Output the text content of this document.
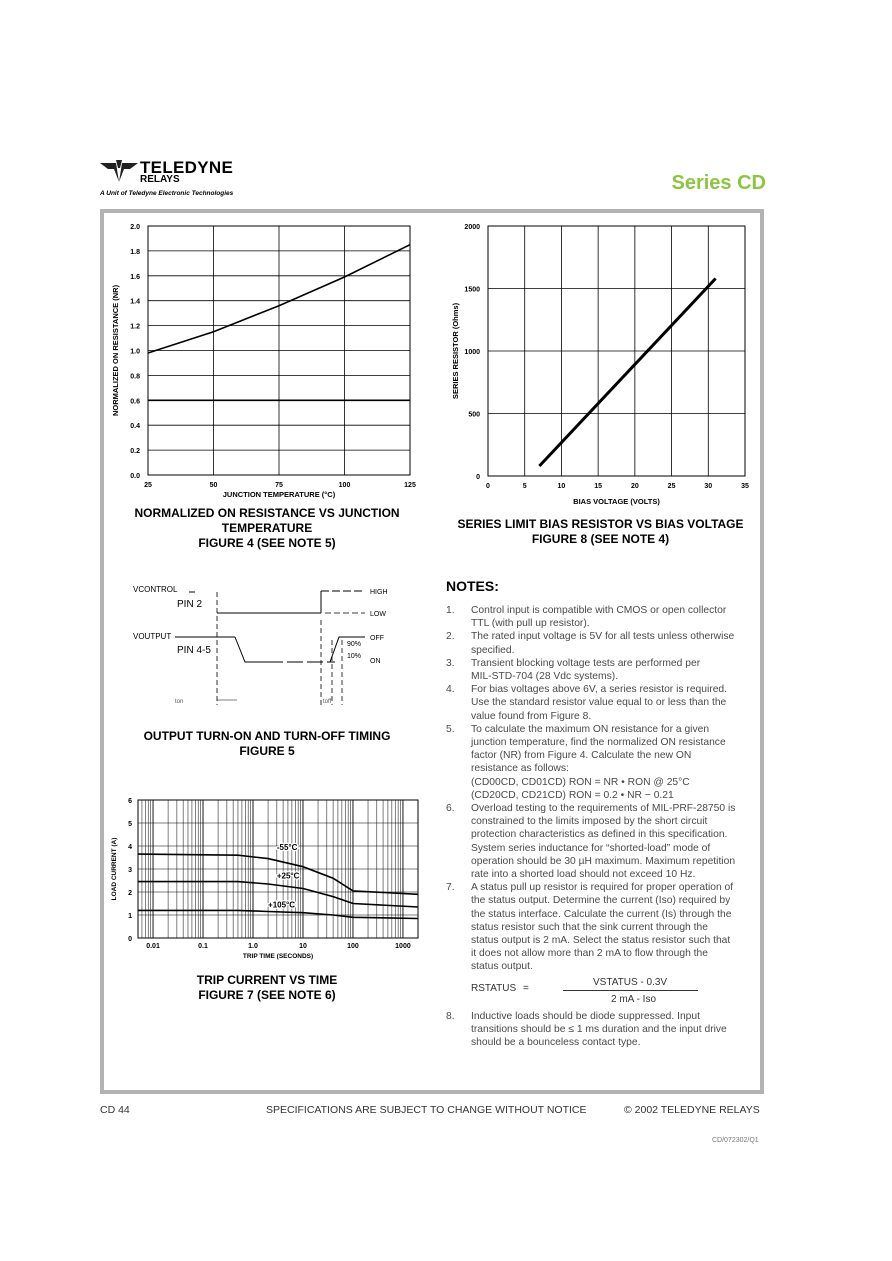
TELEDYNE
RELAYS
A Unit of Teledyne Electronic Technologies	Series CD
25	50	75	100	125
0.0
0.2
0.4
0.6
0.8
1.0
1.2
1.4
1.6
1.8
2.0
JUNCTION TEMPERATURE (°C)
NORMALIZED ON RESISTANCE (NR)
NORMALIZED ON RESISTANCE VS JUNCTION
TEMPERATURE
FIGURE 4 (SEE NOTE 5)
0	5	10	15	20	25	30	35
0
500
1000
1500
2000
BIAS VOLTAGE (VOLTS)
SERIES RESISTOR (Ohms)
SERIES LIMIT BIAS RESISTOR VS BIAS VOLTAGE
FIGURE 8 (SEE NOTE 4)
VCONTROL
PIN 2
VOUTPUT
PIN 4-5
HIGH
LOW
OFF
ON
90%
10%
ton	toff
OUTPUT TURN-ON AND TURN-OFF TIMING
FIGURE 5
0
1
2
3
4
5
6
0.01	0.1	1.0	10	100	1000
-55°C
+25°C
+105°C
TRIP TIME (SECONDS)
LOAD CURRENT (A)
TRIP CURRENT VS TIME
FIGURE 7 (SEE NOTE 6)
NOTES:
1. Control input is compatible with CMOS or open collector
TTL (with pull up resistor).
2. The rated input voltage is 5V for all tests unless otherwise
specified.
3. Transient blocking voltage tests are performed per
MIL-STD-704 (28 Vdc systems).
4. For bias voltages above 6V, a series resistor is required.
Use the standard resistor value equal to or less than the
value found from Figure 8.
5. To calculate the maximum ON resistance for a given
junction temperature, find the normalized ON resistance
factor (NR) from Figure 4. Calculate the new ON
resistance as follows:
(CD00CD, CD01CD) RON = NR • RON @ 25°C
(CD20CD, CD21CD) RON = 0.2 • NR − 0.21
6. Overload testing to the requirements of MIL-PRF-28750 is
constrained to the limits imposed by the short circuit
protection characteristics as defined in this specification.
System series inductance for “shorted-load” mode of
operation should be 30 µH maximum. Maximum repetition
rate into a shorted load should not exceed 10 Hz.
7. A status pull up resistor is required for proper operation of
the status output. Determine the current (Iso) required by
the status interface. Calculate the current (Is) through the
status resistor such that the sink current through the
status output is 2 mA. Select the status resistor such that
it does not allow more than 2 mA to flow through the
status output.
RSTATUS =
VSTATUS - 0.3V
2 mA - Iso
8. Inductive loads should be diode suppressed. Input
transitions should be ≤ 1 ms duration and the input drive
should be a bounceless contact type.
CD 44	SPECIFICATIONS ARE SUBJECT TO CHANGE WITHOUT NOTICE	© 2002 TELEDYNE RELAYS
CD/072302/Q1
